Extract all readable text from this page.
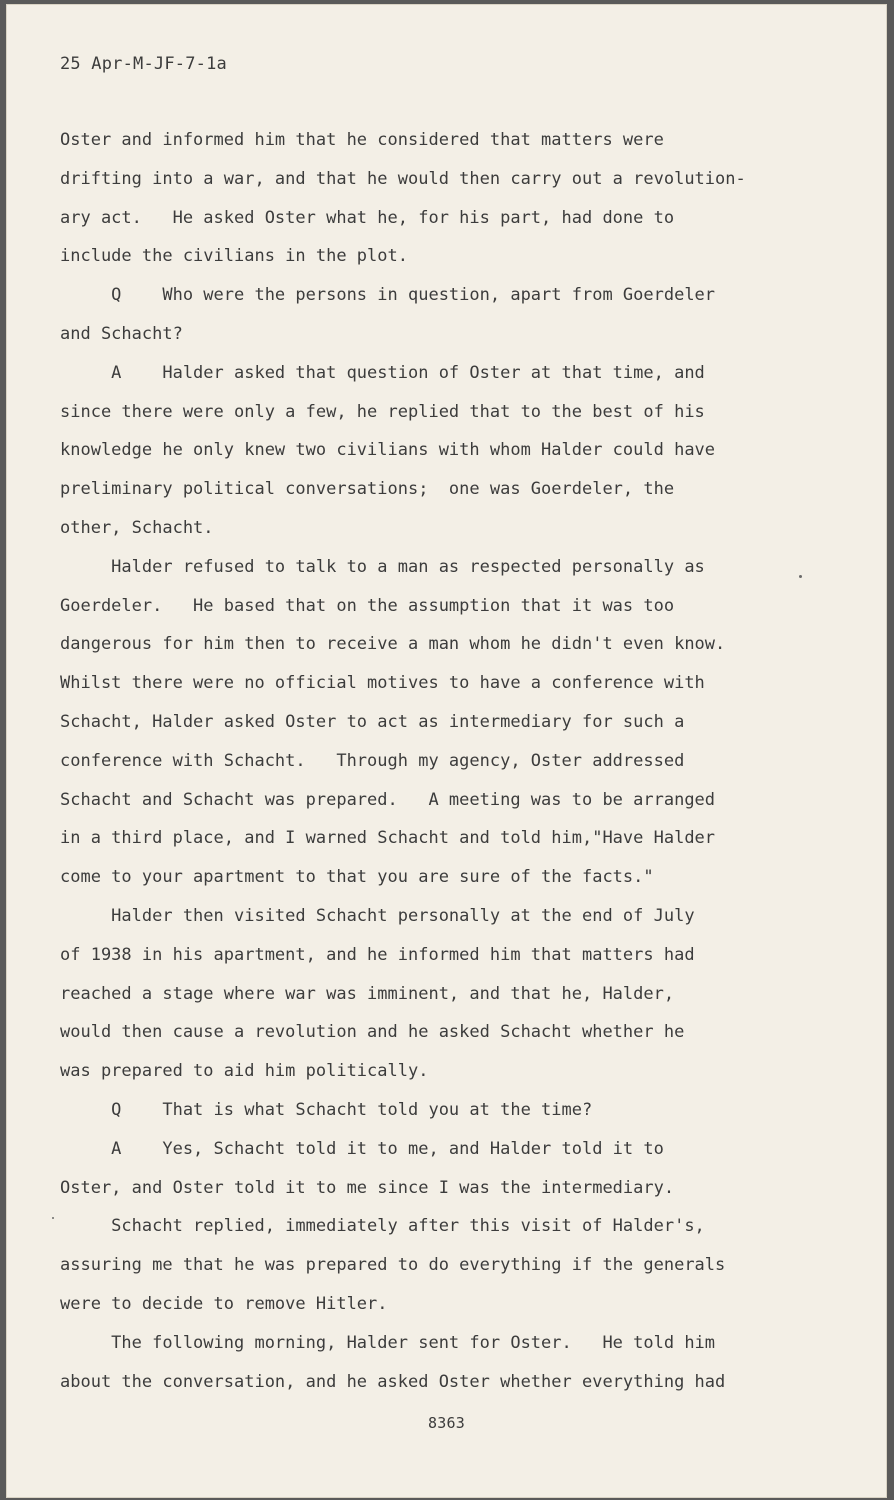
25 Apr-M-JF-7-1a
Oster and informed him that he considered that matters were
drifting into a war, and that he would then carry out a revolution-
ary act.   He asked Oster what he, for his part, had done to
include the civilians in the plot.
Q    Who were the persons in question, apart from Goerdeler
and Schacht?
A    Halder asked that question of Oster at that time, and
since there were only a few, he replied that to the best of his
knowledge he only knew two civilians with whom Halder could have
preliminary political conversations;  one was Goerdeler, the
other, Schacht.
Halder refused to talk to a man as respected personally as
Goerdeler.   He based that on the assumption that it was too
dangerous for him then to receive a man whom he didn't even know.
Whilst there were no official motives to have a conference with
Schacht, Halder asked Oster to act as intermediary for such a
conference with Schacht.   Through my agency, Oster addressed
Schacht and Schacht was prepared.   A meeting was to be arranged
in a third place, and I warned Schacht and told him,"Have Halder
come to your apartment to that you are sure of the facts."
Halder then visited Schacht personally at the end of July
of 1938 in his apartment, and he informed him that matters had
reached a stage where war was imminent, and that he, Halder,
would then cause a revolution and he asked Schacht whether he
was prepared to aid him politically.
Q    That is what Schacht told you at the time?
A    Yes, Schacht told it to me, and Halder told it to
Oster, and Oster told it to me since I was the intermediary.
Schacht replied, immediately after this visit of Halder's,
assuring me that he was prepared to do everything if the generals
were to decide to remove Hitler.
The following morning, Halder sent for Oster.   He told him
about the conversation, and he asked Oster whether everything had
8363
